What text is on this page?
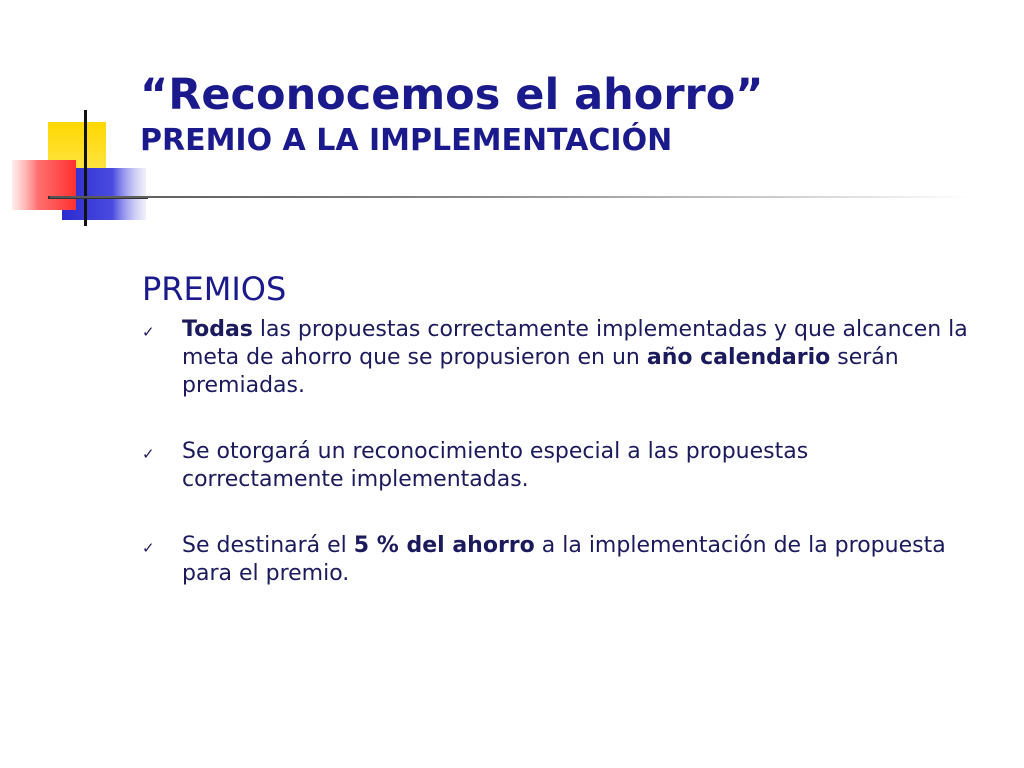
“Reconocemos el ahorro”
PREMIO A LA IMPLEMENTACIÓN
PREMIOS
✓ Todas las propuestas correctamente implementadas y que alcancen la meta de ahorro que se propusieron en un año calendario serán premiadas.
✓ Se otorgará un reconocimiento especial a las propuestas correctamente implementadas.
✓ Se destinará el 5 % del ahorro a la implementación de la propuesta para el premio.
